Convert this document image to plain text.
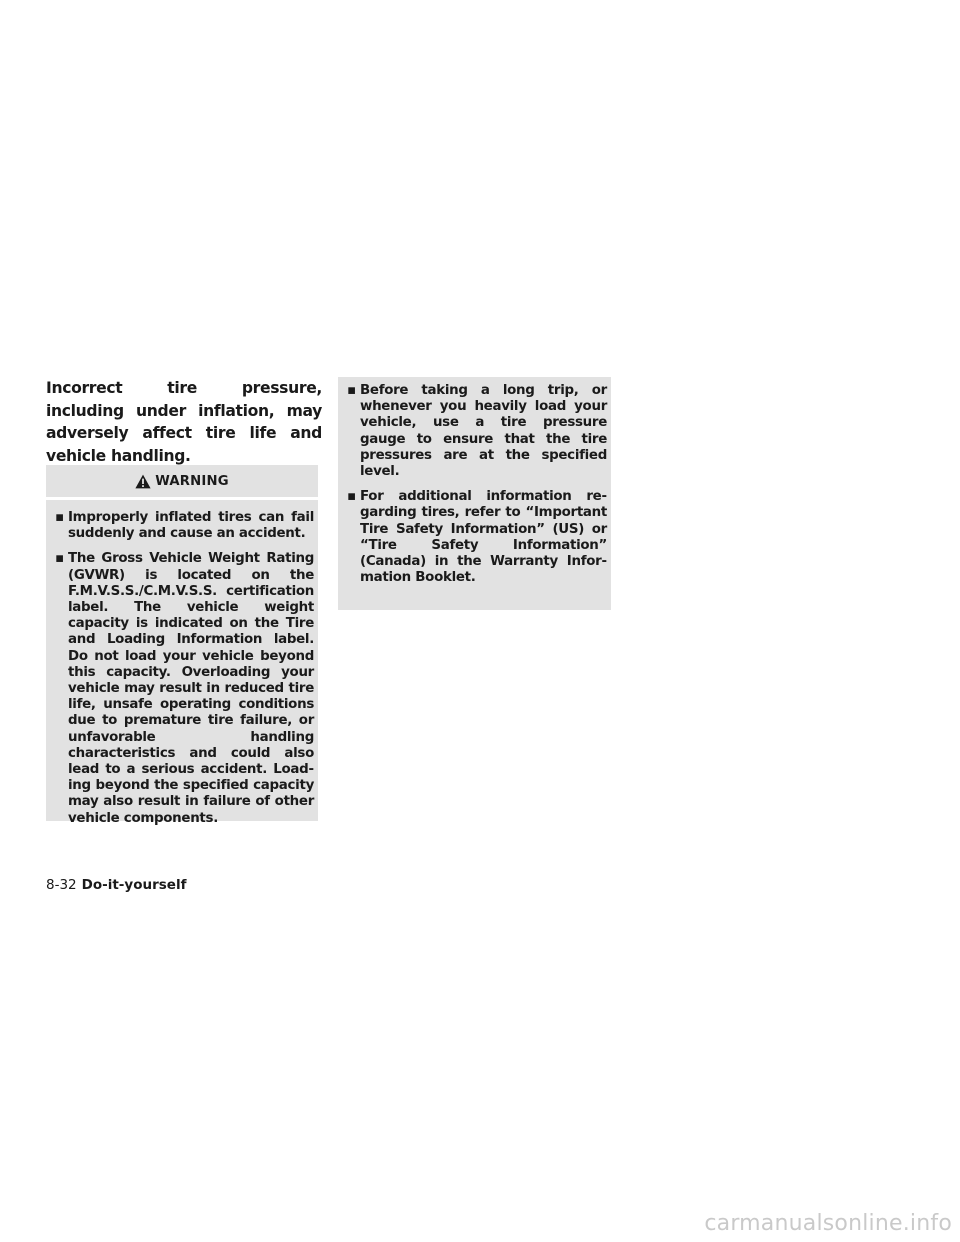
Incorrect tire pressure, including under inflation, may adversely affect tire life and vehicle handling.

WARNING
▪ Improperly inflated tires can fail suddenly and cause an accident.
▪ The Gross Vehicle Weight Rating (GVWR) is located on the F.M.V.S.S./C.M.V.S.S. certification label. The vehicle weight capacity is indicated on the Tire and Loading Information label. Do not load your vehicle beyond this capacity. Overloading your vehicle may result in reduced tire life, unsafe operating conditions due to premature tire failure, or unfavorable handling characteristics and could also lead to a serious accident. Loading beyond the specified capacity may also result in failure of other vehicle components.
▪ Before taking a long trip, or whenever you heavily load your vehicle, use a tire pressure gauge to ensure that the tire pressures are at the specified level.
▪ For additional information regarding tires, refer to “Important Tire Safety Information” (US) or “Tire Safety Information” (Canada) in the Warranty Information Booklet.
8-32 Do-it-yourself
carmanualsonline.info
